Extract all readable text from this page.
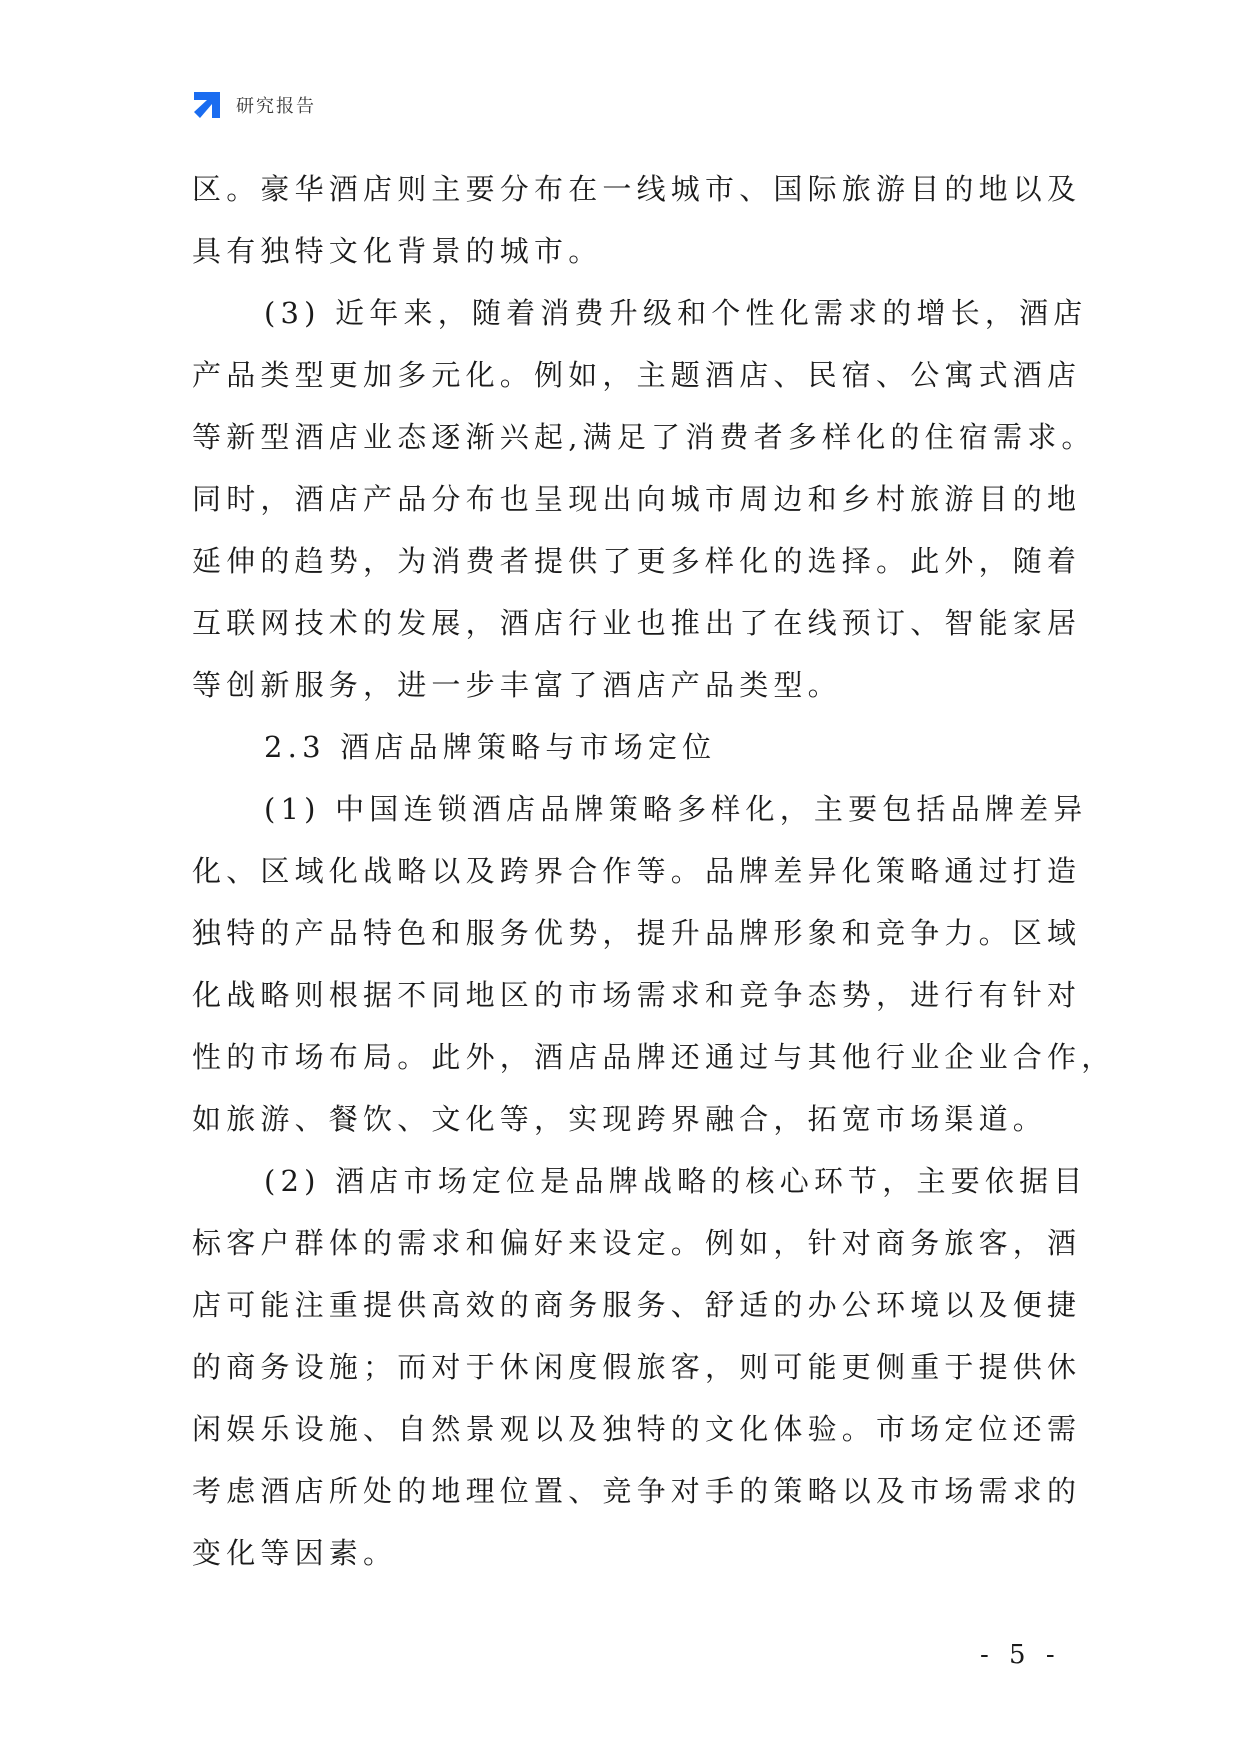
研究报告
区。豪华酒店则主要分布在一线城市、国际旅游目的地以及
具有独特文化背景的城市。
(3) 近年来，随着消费升级和个性化需求的增长，酒店
产品类型更加多元化。例如，主题酒店、民宿、公寓式酒店
等新型酒店业态逐渐兴起,满足了消费者多样化的住宿需求。
同时，酒店产品分布也呈现出向城市周边和乡村旅游目的地
延伸的趋势，为消费者提供了更多样化的选择。此外，随着
互联网技术的发展，酒店行业也推出了在线预订、智能家居
等创新服务，进一步丰富了酒店产品类型。
2.3 酒店品牌策略与市场定位
(1) 中国连锁酒店品牌策略多样化，主要包括品牌差异
化、区域化战略以及跨界合作等。品牌差异化策略通过打造
独特的产品特色和服务优势，提升品牌形象和竞争力。区域
化战略则根据不同地区的市场需求和竞争态势，进行有针对
性的市场布局。此外，酒店品牌还通过与其他行业企业合作，
如旅游、餐饮、文化等，实现跨界融合，拓宽市场渠道。
(2) 酒店市场定位是品牌战略的核心环节，主要依据目
标客户群体的需求和偏好来设定。例如，针对商务旅客，酒
店可能注重提供高效的商务服务、舒适的办公环境以及便捷
的商务设施；而对于休闲度假旅客，则可能更侧重于提供休
闲娱乐设施、自然景观以及独特的文化体验。市场定位还需
考虑酒店所处的地理位置、竞争对手的策略以及市场需求的
变化等因素。
- 5 -
